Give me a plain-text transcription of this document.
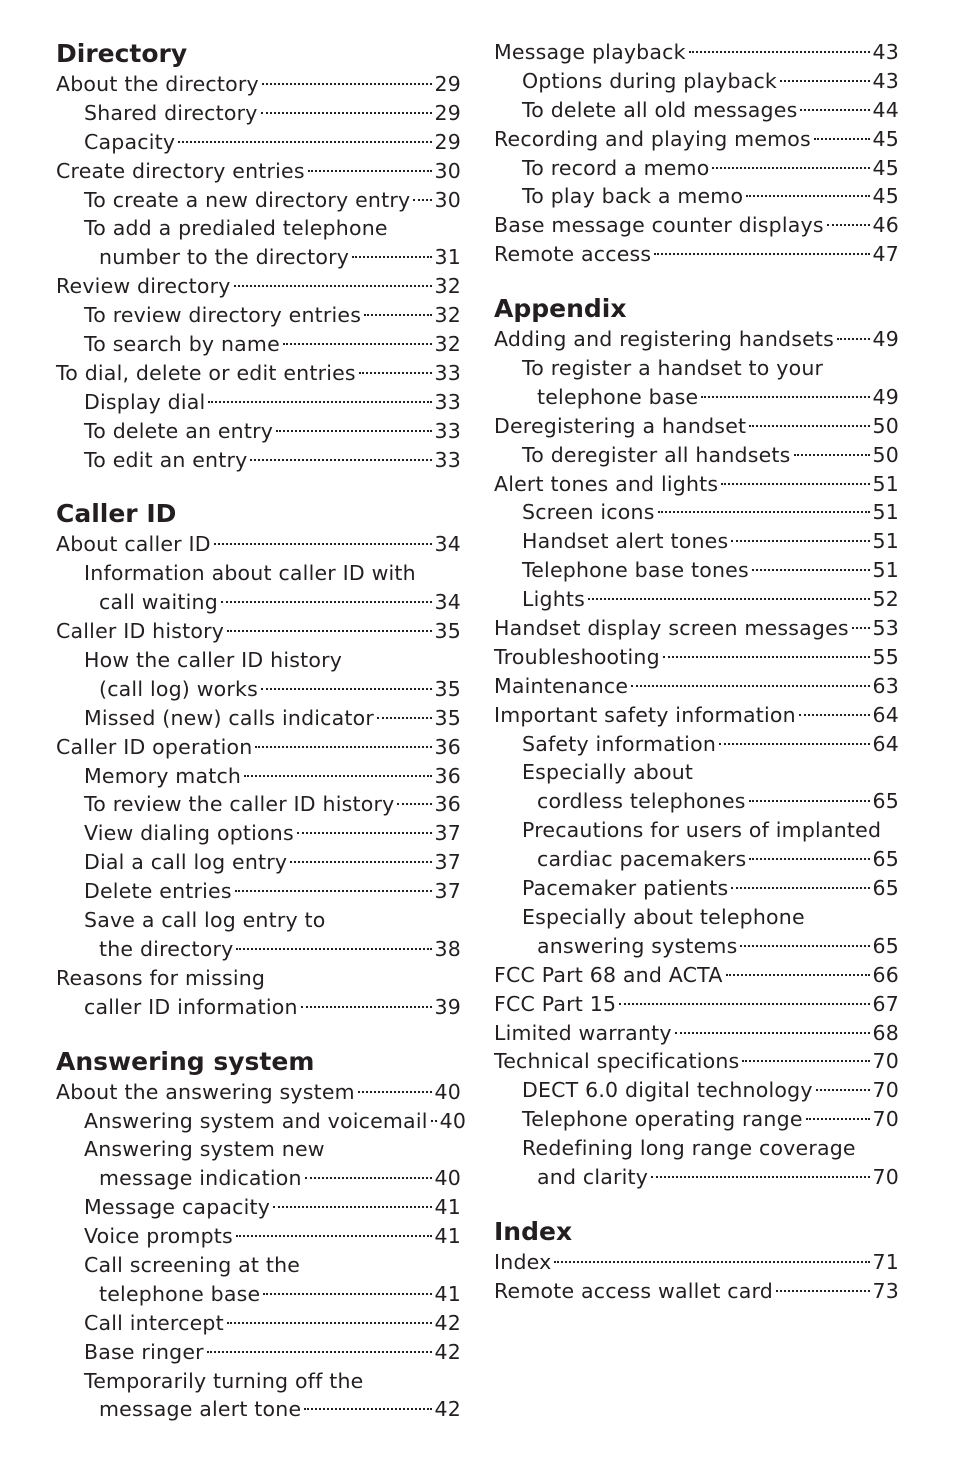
Directory
About the directory	29
Shared directory	29
Capacity	29
Create directory entries	30
To create a new directory entry 30
To add a predialed telephone
number to the directory	31
Review directory	32
To review directory entries	32
To search by name	32
To dial, delete or edit entries	33
Display dial	33
To delete an entry	33
To edit an entry	33
Caller ID
About caller ID	34
Information about caller ID with
call waiting	34
Caller ID history	35
How the caller ID history
(call log) works	35
Missed (new) calls indicator	35
Caller ID operation	36
Memory match	36
To review the caller ID history 36
View dialing options	37
Dial a call log entry	37
Delete entries	37
Save a call log entry to
the directory	38
Reasons for missing
caller ID information	39
Answering system
About the answering system	40
Answering system and voicemail 40
Answering system new
message indication	40
Message capacity	41
Voice prompts	41
Call screening at the
telephone base	41
Call intercept	42
Base ringer	42
Temporarily turning off the
message alert tone	42
Message playback	43
Options during playback	43
To delete all old messages	44
Recording and playing memos	45
To record a memo	45
To play back a memo	45
Base message counter displays 46
Remote access	47
Appendix
Adding and registering handsets 49
To register a handset to your
telephone base	49
Deregistering a handset	50
To deregister all handsets	50
Alert tones and lights	51
Screen icons	51
Handset alert tones	51
Telephone base tones	51
Lights	52
Handset display screen messages 53
Troubleshooting	55
Maintenance	63
Important safety information	64
Safety information	64
Especially about
cordless telephones	65
Precautions for users of implanted
cardiac pacemakers	65
Pacemaker patients	65
Especially about telephone
answering systems	65
FCC Part 68 and ACTA	66
FCC Part 15	67
Limited warranty	68
Technical specifications	70
DECT 6.0 digital technology	70
Telephone operating range	70
Redefining long range coverage
and clarity	70
Index
Index	71
Remote access wallet card	73
